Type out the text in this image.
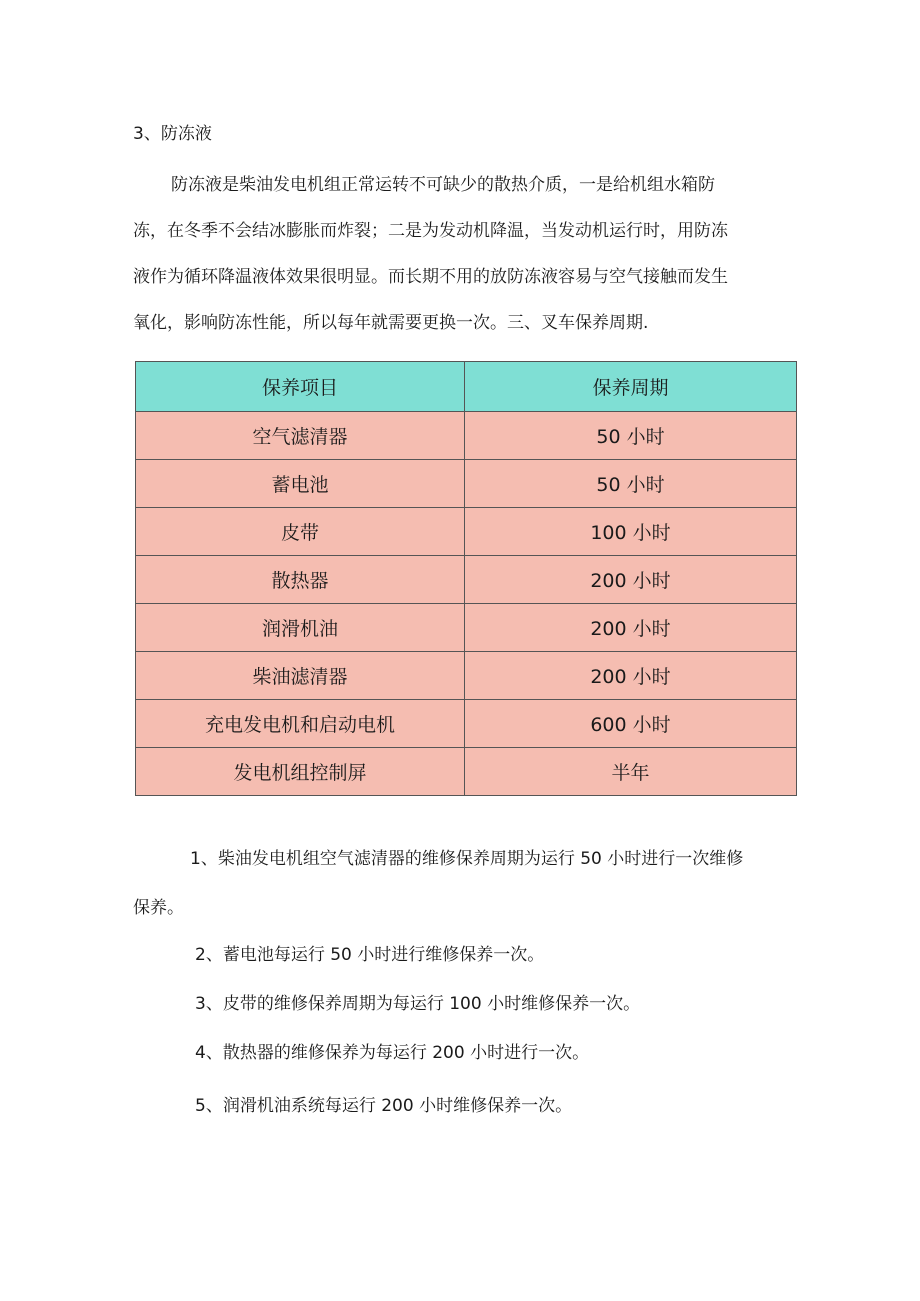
3、防冻液
防冻液是柴油发电机组正常运转不可缺少的散热介质，一是给机组水箱防
冻，在冬季不会结冰膨胀而炸裂；二是为发动机降温，当发动机运行时，用防冻
液作为循环降温液体效果很明显。而长期不用的放防冻液容易与空气接触而发生
氧化，影响防冻性能，所以每年就需要更换一次。三、叉车保养周期.
保养项目	保养周期
空气滤清器	50 小时
蓄电池	50 小时
皮带	100 小时
散热器	200 小时
润滑机油	200 小时
柴油滤清器	200 小时
充电发电机和启动电机	600 小时
发电机组控制屏	半年
1、柴油发电机组空气滤清器的维修保养周期为运行 50 小时进行一次维修
保养。
2、蓄电池每运行 50 小时进行维修保养一次。
3、皮带的维修保养周期为每运行 100 小时维修保养一次。
4、散热器的维修保养为每运行 200 小时进行一次。
5、润滑机油系统每运行 200 小时维修保养一次。
